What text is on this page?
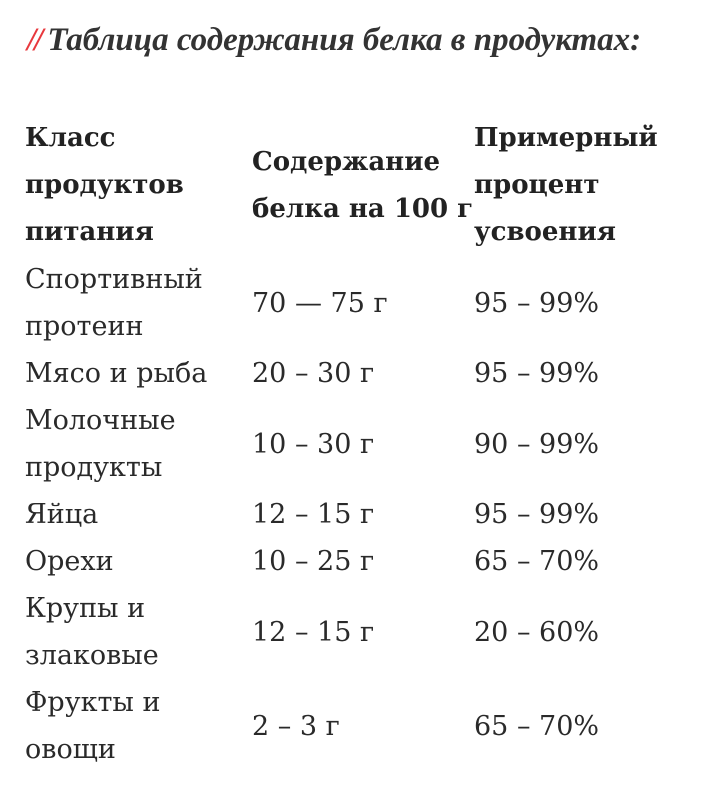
// Таблица содержания белка в продуктах:
Класс продуктов питания	Содержание белка на 100 г	Примерный процент усвоения
Спортивный протеин	70 — 75 г	95 – 99%
Мясо и рыба	20 – 30 г	95 – 99%
Молочные продукты	10 – 30 г	90 – 99%
Яйца	12 – 15 г	95 – 99%
Орехи	10 – 25 г	65 – 70%
Крупы и злаковые	12 – 15 г	20 – 60%
Фрукты и овощи	2 – 3 г	65 – 70%
